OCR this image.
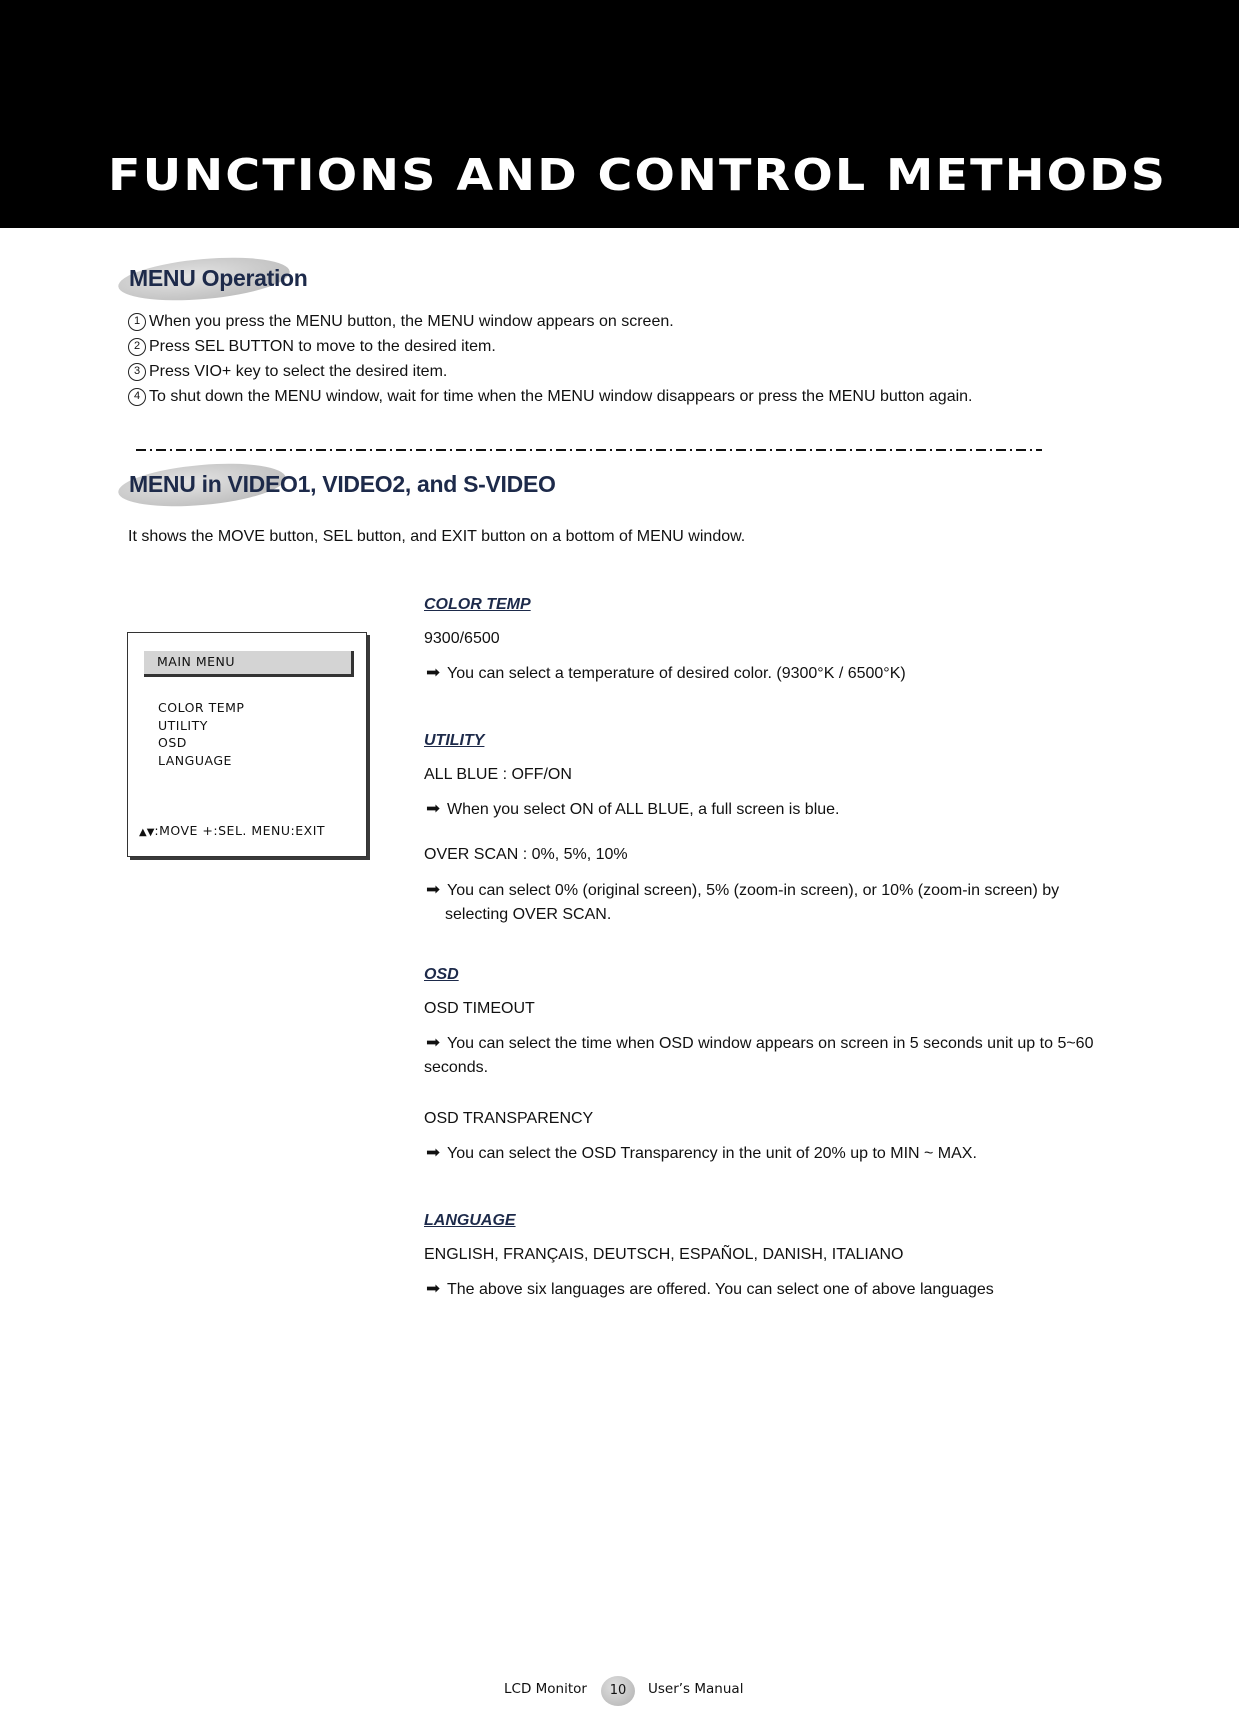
FUNCTIONS AND CONTROL METHODS
MENU Operation
1 When you press the MENU button, the MENU window appears on screen.
2 Press SEL BUTTON to move to the desired item.
3 Press VIO+ key to select the desired item.
4 To shut down the MENU window, wait for time when the MENU window disappears or press the MENU button again.
MENU in VIDEO1, VIDEO2, and S-VIDEO

It shows the MOVE button, SEL button, and EXIT button on a bottom of MENU window.

MAIN MENU
COLOR TEMP
UTILITY
OSD
LANGUAGE
▲▼:MOVE +:SEL. MENU:EXIT

COLOR TEMP

9300/6500

➡ You can select a temperature of desired color. (9300°K / 6500°K)

UTILITY

ALL BLUE : OFF/ON

➡ When you select ON of ALL BLUE, a full screen is blue.

OVER SCAN : 0%, 5%, 10%

➡ You can select 0% (original screen), 5% (zoom-in screen), or 10% (zoom-in screen) by

selecting OVER SCAN.

OSD

OSD TIMEOUT

➡ You can select the time when OSD window appears on screen in 5 seconds unit up to 5~60

seconds.

OSD TRANSPARENCY

➡ You can select the OSD Transparency in the unit of 20% up to MIN ~ MAX.

LANGUAGE

ENGLISH, FRANÇAIS, DEUTSCH, ESPAÑOL, DANISH, ITALIANO

➡ The above six languages are offered. You can select one of above languages

LCD Monitor	10	User’s Manual
